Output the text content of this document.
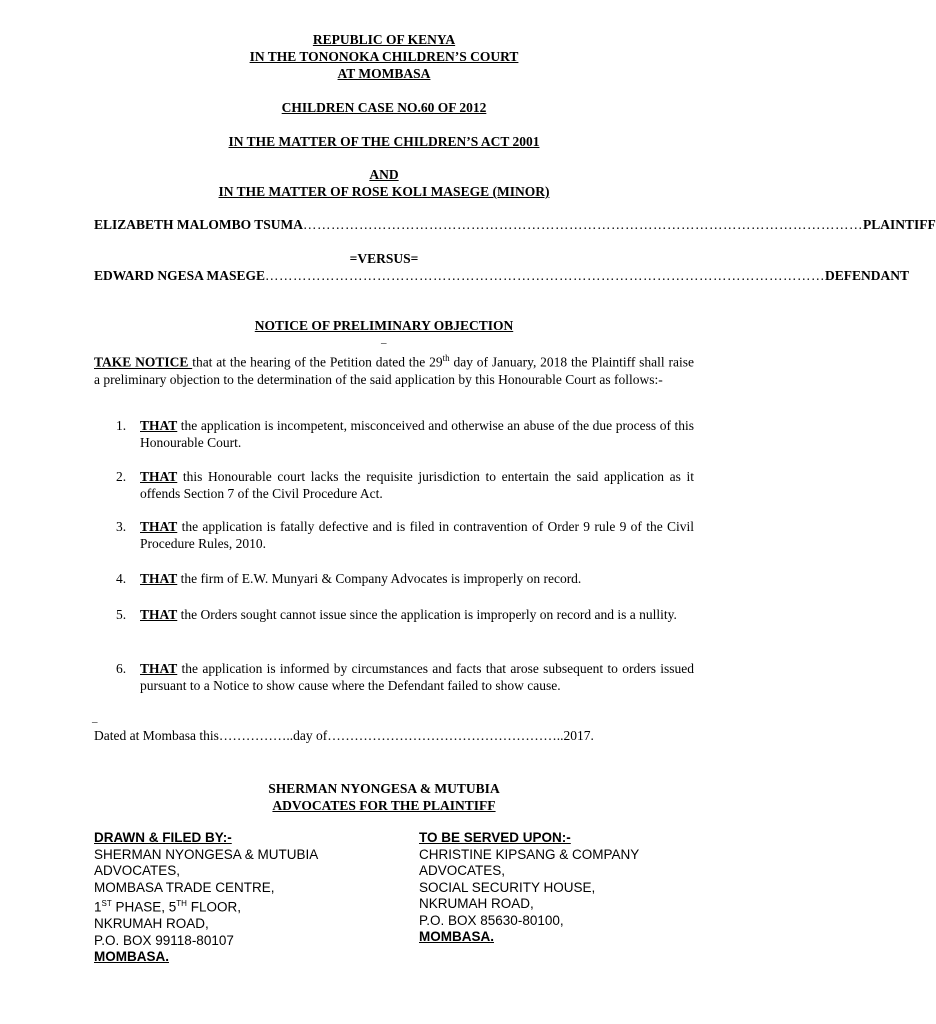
REPUBLIC OF KENYA
IN THE TONONOKA CHILDREN’S COURT
AT MOMBASA
CHILDREN CASE NO.60 OF 2012
IN THE MATTER OF THE CHILDREN’S ACT 2001
AND
IN THE MATTER OF ROSE KOLI MASEGE (MINOR)
ELIZABETH MALOMBO TSUMA ………………………………………………………………………………………………………… PLAINTIFF
=VERSUS=
EDWARD NGESA MASEGE ………………………………………………………………………………………………………… DEFENDANT
NOTICE OF PRELIMINARY OBJECTION
_
TAKE NOTICE that at the hearing of the Petition dated the 29th day of January, 2018 the Plaintiff shall raise a preliminary objection to the determination of the said application by this Honourable Court as follows:-
1. THAT the application is incompetent, misconceived and otherwise an abuse of the due process of this Honourable Court.
2. THAT this Honourable court lacks the requisite jurisdiction to entertain the said application as it offends Section 7 of the Civil Procedure Act.
3. THAT the application is fatally defective and is filed in contravention of Order 9 rule 9 of the Civil Procedure Rules, 2010.
4. THAT the firm of E.W. Munyari & Company Advocates is improperly on record.
5. THAT the Orders sought cannot issue since the application is improperly on record and is a nullity.
6. THAT the application is informed by circumstances and facts that arose subsequent to orders issued pursuant to a Notice to show cause where the Defendant failed to show cause.
_
Dated at Mombasa this……………..day of……………………………………………..2017.
SHERMAN NYONGESA & MUTUBIA
ADVOCATES FOR THE PLAINTIFF
DRAWN & FILED BY:-
SHERMAN NYONGESA & MUTUBIA
ADVOCATES,
MOMBASA TRADE CENTRE,
1ST PHASE, 5TH FLOOR,
NKRUMAH ROAD,
P.O. BOX 99118-80107
MOMBASA.
TO BE SERVED UPON:-
CHRISTINE KIPSANG & COMPANY
ADVOCATES,
SOCIAL SECURITY HOUSE,
NKRUMAH ROAD,
P.O. BOX 85630-80100,
MOMBASA.
